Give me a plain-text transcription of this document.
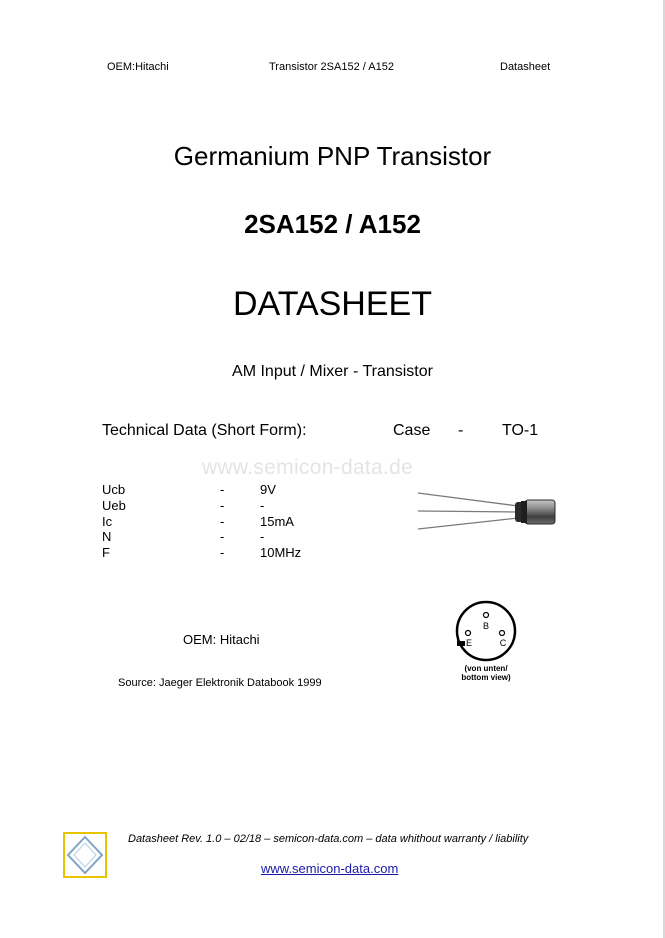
OEM:Hitachi	Transistor 2SA152 / A152	Datasheet
Germanium PNP Transistor
2SA152 / A152
DATASHEET
AM Input / Mixer - Transistor
Technical Data (Short Form):	Case - TO-1
www.semicon-data.de
Ucb	-	9V
Ueb	-	-
Ic	-	15mA
N	-	-
F	-	10MHz
B
E	C
(von unten/
bottom view)
OEM: Hitachi
Source: Jaeger Elektronik Databook 1999
Datasheet Rev. 1.0 – 02/18 – semicon-data.com – data whithout warranty / liability
www.semicon-data.com
